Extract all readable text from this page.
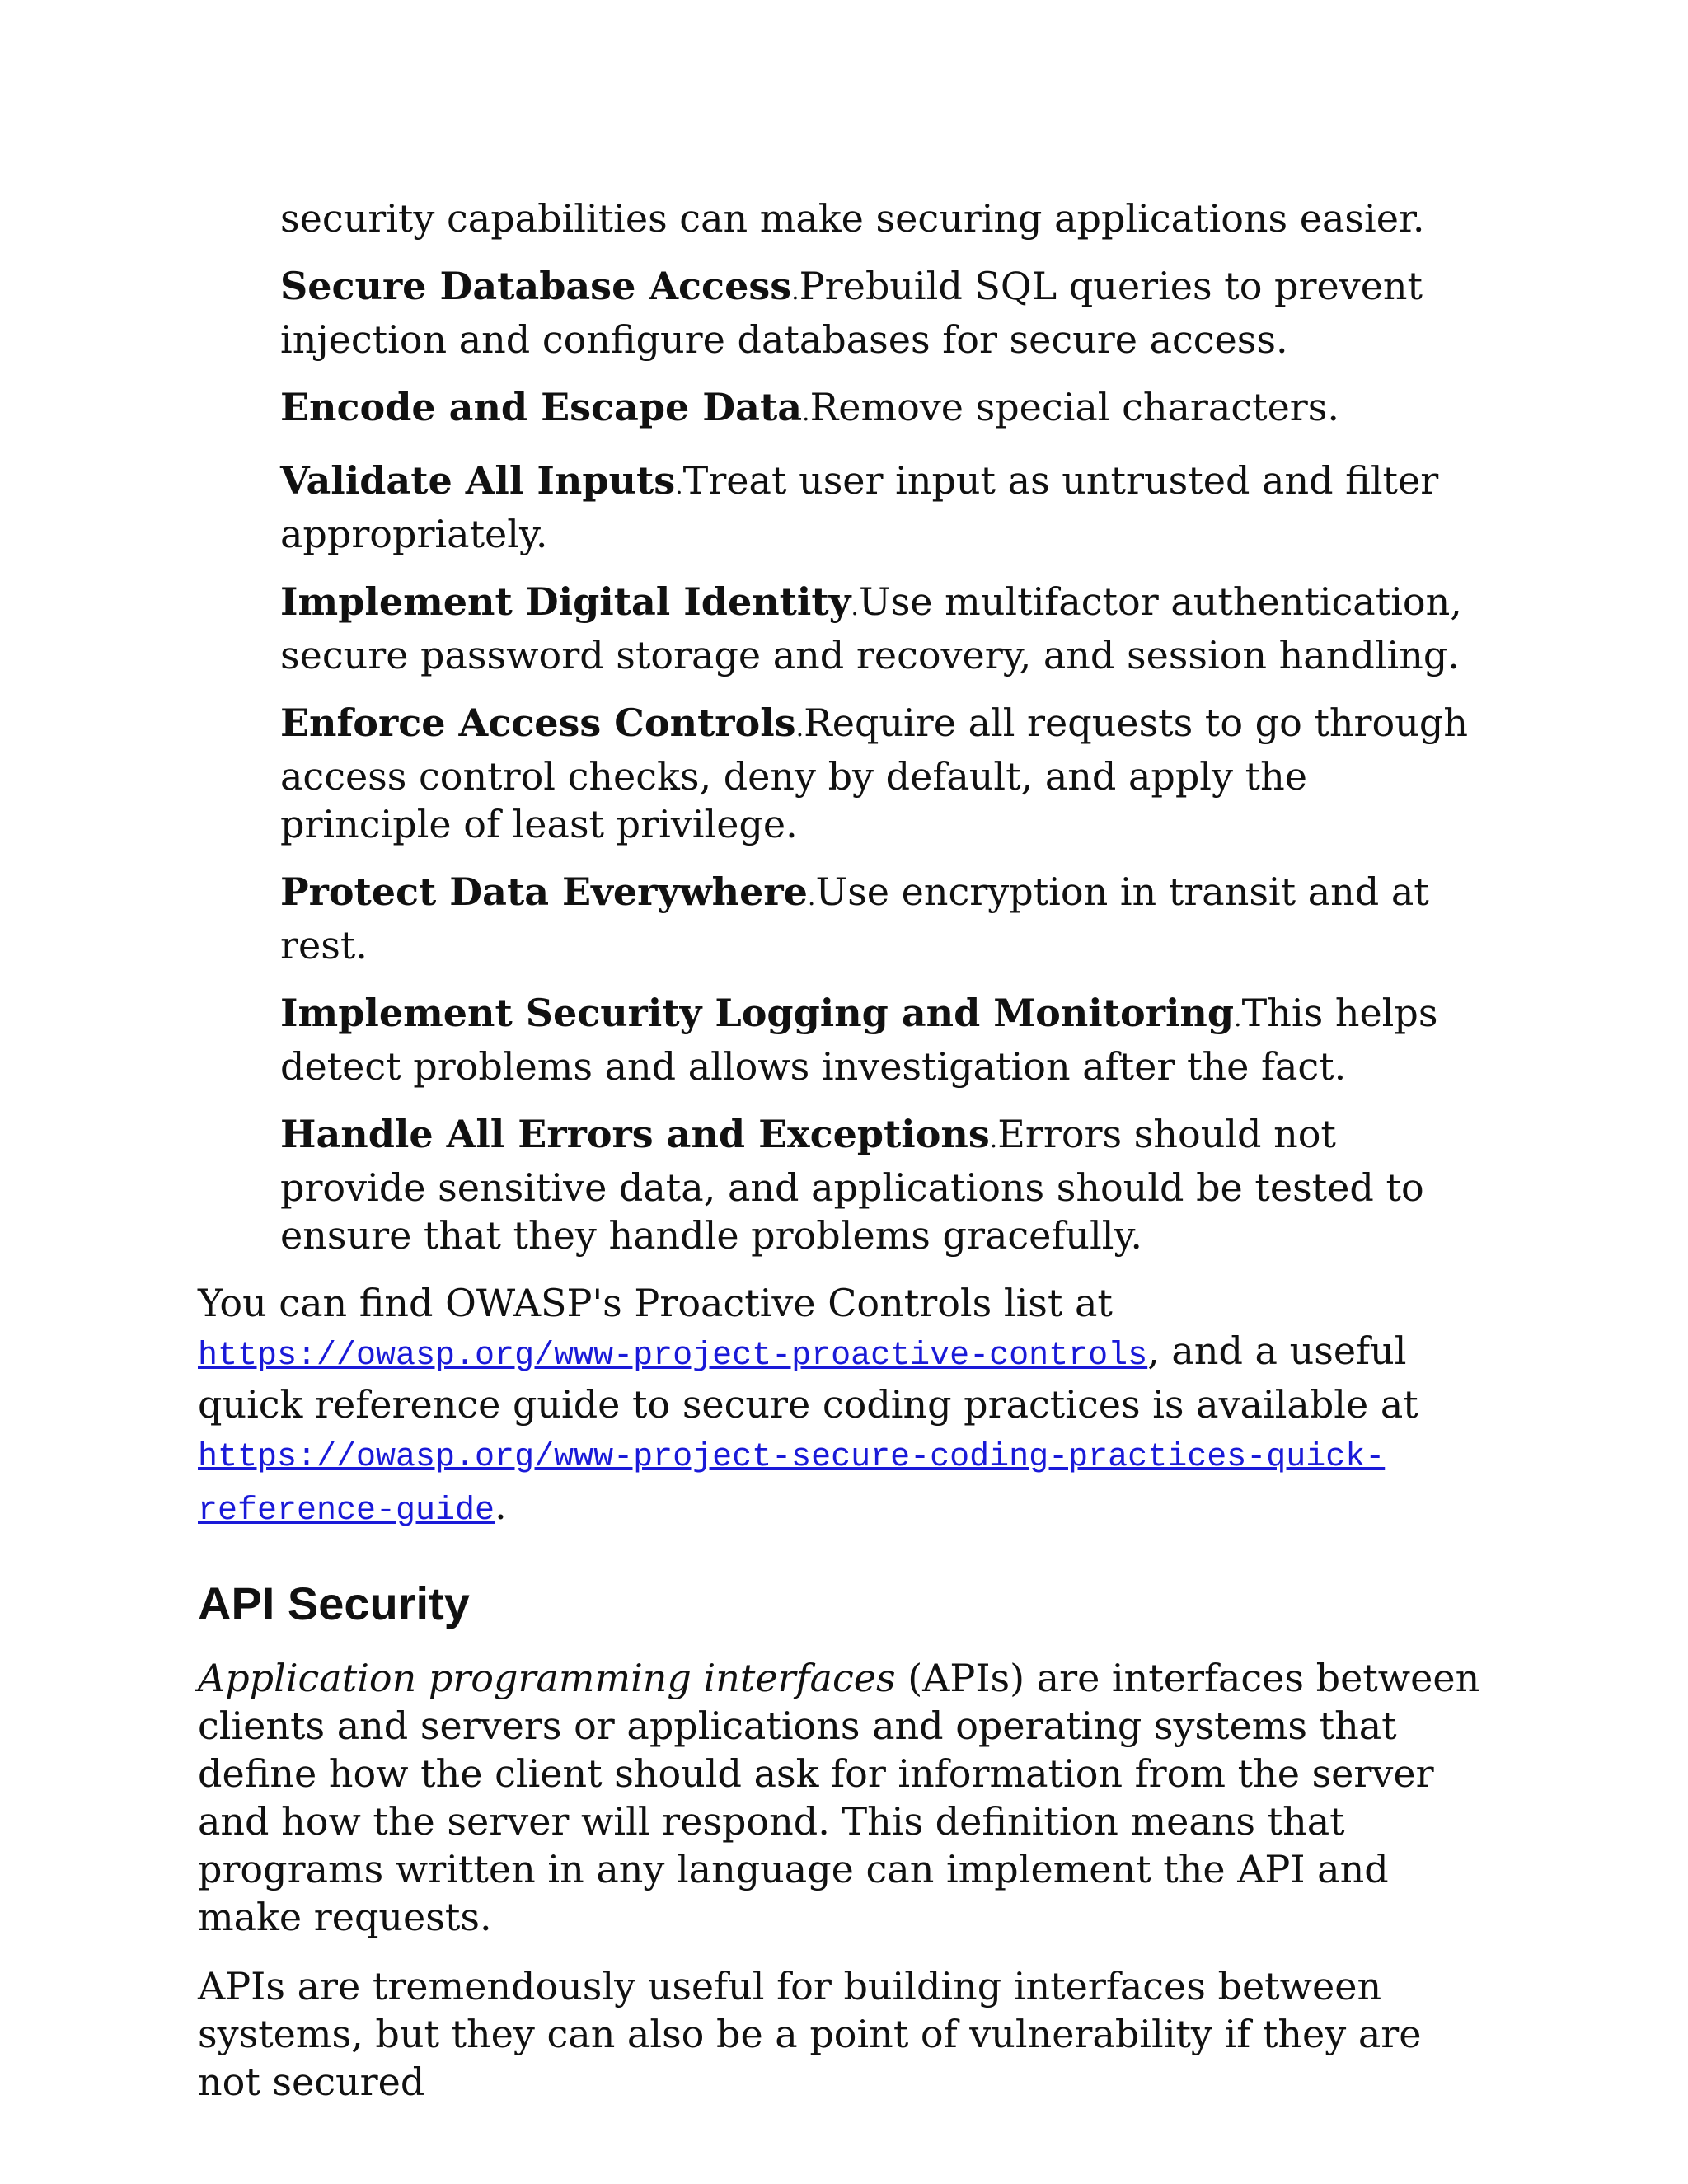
security capabilities can make securing applications easier.
Secure Database Access.Prebuild SQL queries to prevent injection and configure databases for secure access.
Encode and Escape Data.Remove special characters.
Validate All Inputs.Treat user input as untrusted and filter appropriately.
Implement Digital Identity.Use multifactor authentication, secure password storage and recovery, and session handling.
Enforce Access Controls.Require all requests to go through access control checks, deny by default, and apply the principle of least privilege.
Protect Data Everywhere.Use encryption in transit and at rest.
Implement Security Logging and Monitoring.This helps detect problems and allows investigation after the fact.
Handle All Errors and Exceptions.Errors should not provide sensitive data, and applications should be tested to ensure that they handle problems gracefully.

You can find OWASP's Proactive Controls list at https://owasp.org/www-project-proactive-controls, and a useful quick reference guide to secure coding practices is available at https://owasp.org/www-project-secure-coding-practices-quick-reference-guide.

API Security

Application programming interfaces (APIs) are interfaces between clients and servers or applications and operating systems that define how the client should ask for information from the server and how the server will respond. This definition means that programs written in any language can implement the API and make requests.

APIs are tremendously useful for building interfaces between systems, but they can also be a point of vulnerability if they are not secured
